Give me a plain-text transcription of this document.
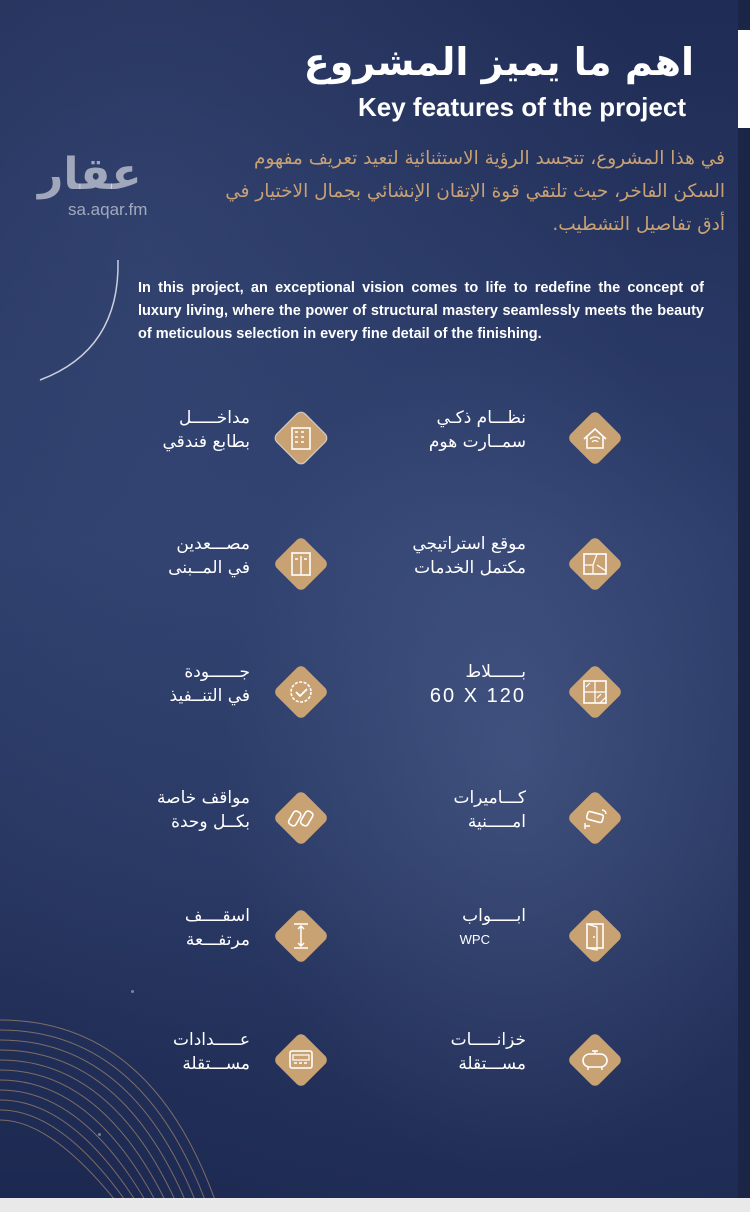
اهم ما يميز المشروع
Key features of the project
في هذا المشروع، تتجسد الرؤية الاستثنائية لتعيد تعريف مفهوم
السكن الفاخر، حيث تلتقي قوة الإتقان الإنشائي بجمال الاختيار في
أدق تفاصيل التشطيب.
عقار
sa.aqar.fm
In this project, an exceptional vision comes to life to redefine the concept of luxury living, where the power of structural mastery seamlessly meets the beauty of meticulous selection in every fine detail of the finishing.
مداخـــــل
بطابع فندقي
مصـــعدين
في المــبنى
جــــــودة
في التنــفيذ
مواقف خاصة
بكــل وحدة
اسقــــف
مرتفـــعة
عـــــدادات
مســـتقلة
نظـــام ذكـي
سمــارت هوم
موقع استراتيجي
مكتمل الخدمات
بــــــلاط
60 X 120
كـــاميرات
امـــــنية
ابـــــواب
WPC
خزانـــــات
مســـتقلة
